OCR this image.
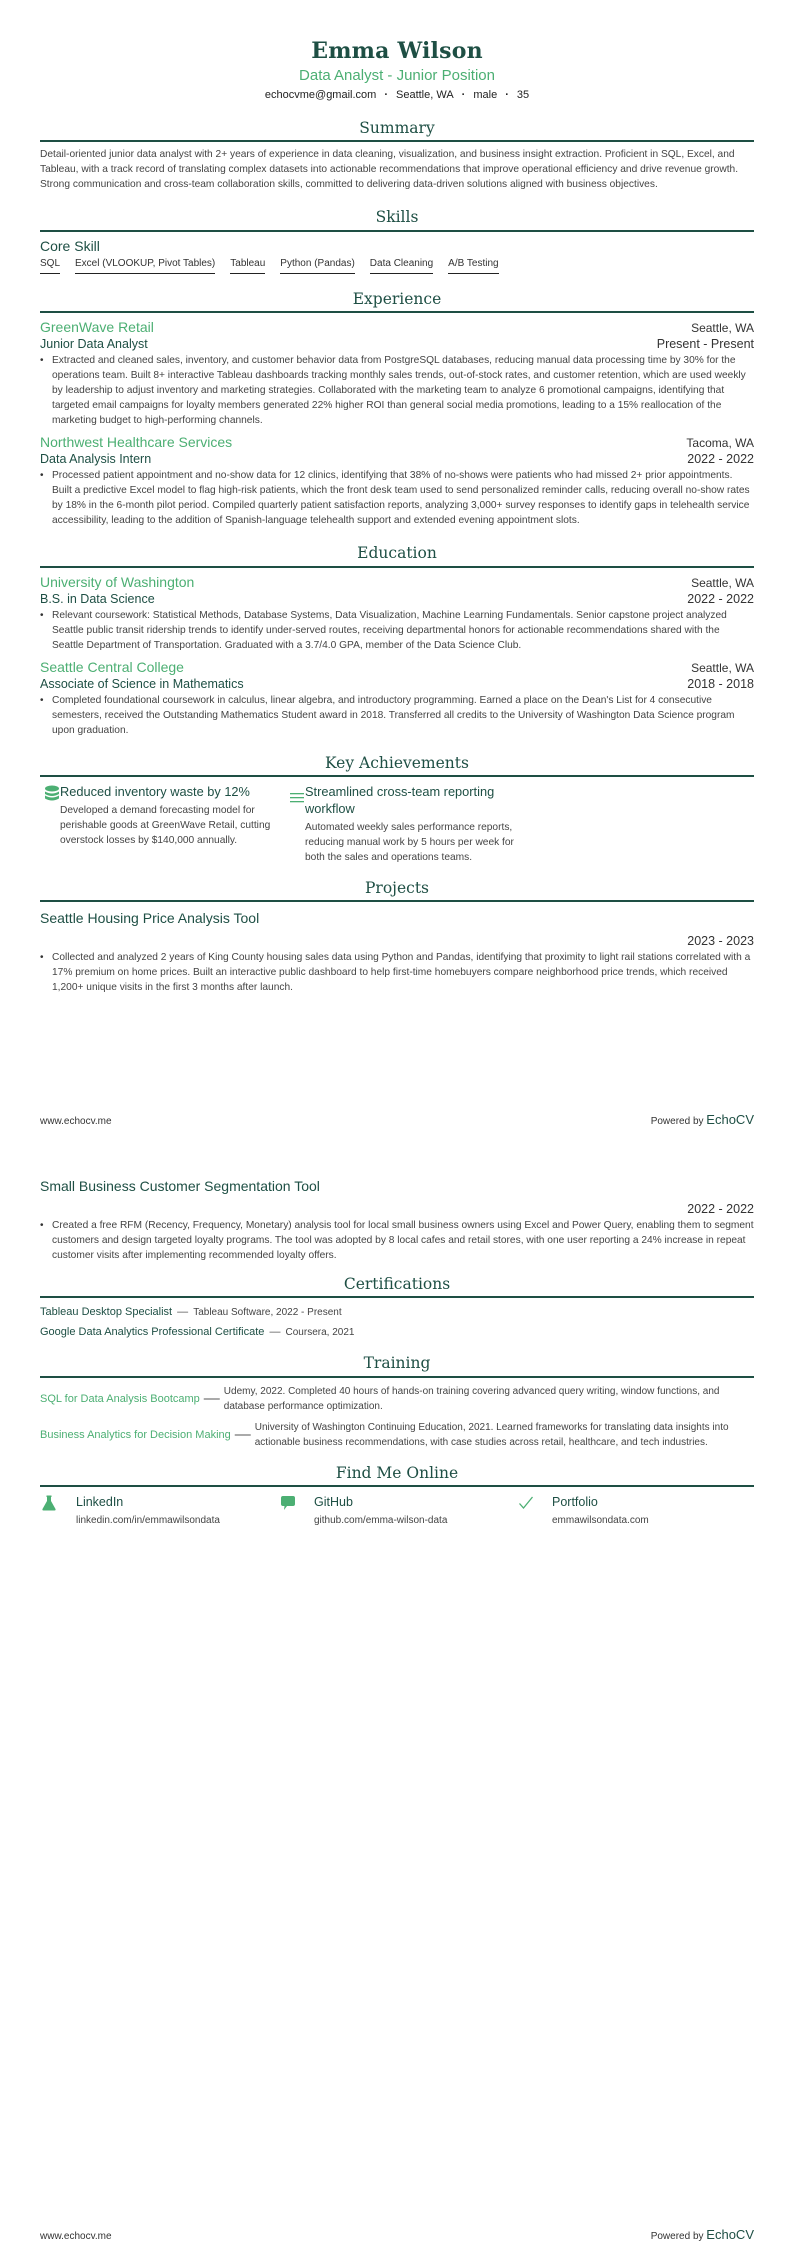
Emma Wilson
Data Analyst - Junior Position
echocvme@gmail.com · Seattle, WA · male · 35
Summary

Detail-oriented junior data analyst with 2+ years of experience in data cleaning, visualization, and business insight extraction. Proficient in SQL, Excel, and Tableau, with a track record of translating complex datasets into actionable recommendations that improve operational efficiency and drive revenue growth. Strong communication and cross-team collaboration skills, committed to delivering data-driven solutions aligned with business objectives.

Skills
Core Skill
SQL Excel (VLOOKUP, Pivot Tables) Tableau Python (Pandas) Data Cleaning A/B Testing
Experience
GreenWave Retail	Seattle, WA
Junior Data Analyst	Present - Present

• Extracted and cleaned sales, inventory, and customer behavior data from PostgreSQL databases, reducing manual data processing time by 30% for the operations team. Built 8+ interactive Tableau dashboards tracking monthly sales trends, out-of-stock rates, and customer retention, which are used weekly by leadership to adjust inventory and marketing strategies. Collaborated with the marketing team to analyze 6 promotional campaigns, identifying that targeted email campaigns for loyalty members generated 22% higher ROI than general social media promotions, leading to a 15% reallocation of the marketing budget to high-performing channels.

Northwest Healthcare Services	Tacoma, WA
Data Analysis Intern	2022 - 2022

• Processed patient appointment and no-show data for 12 clinics, identifying that 38% of no-shows were patients who had missed 2+ prior appointments. Built a predictive Excel model to flag high-risk patients, which the front desk team used to send personalized reminder calls, reducing overall no-show rates by 18% in the 6-month pilot period. Compiled quarterly patient satisfaction reports, analyzing 3,000+ survey responses to identify gaps in telehealth service accessibility, leading to the addition of Spanish-language telehealth support and extended evening appointment slots.

Education
University of Washington	Seattle, WA
B.S. in Data Science	2022 - 2022

• Relevant coursework: Statistical Methods, Database Systems, Data Visualization, Machine Learning Fundamentals. Senior capstone project analyzed Seattle public transit ridership trends to identify under-served routes, receiving departmental honors for actionable recommendations shared with the Seattle Department of Transportation. Graduated with a 3.7/4.0 GPA, member of the Data Science Club.

Seattle Central College	Seattle, WA
Associate of Science in Mathematics	2018 - 2018

• Completed foundational coursework in calculus, linear algebra, and introductory programming. Earned a place on the Dean's List for 4 consecutive semesters, received the Outstanding Mathematics Student award in 2018. Transferred all credits to the University of Washington Data Science program upon graduation.

Key Achievements
Reduced inventory waste by 12%
Developed a demand forecasting model for perishable goods at GreenWave Retail, cutting overstock losses by $140,000 annually.
Streamlined cross-team reporting workflow
Automated weekly sales performance reports, reducing manual work by 5 hours per week for both the sales and operations teams.
Projects
Seattle Housing Price Analysis Tool
2023 - 2023

• Collected and analyzed 2 years of King County housing sales data using Python and Pandas, identifying that proximity to light rail stations correlated with a 17% premium on home prices. Built an interactive public dashboard to help first-time homebuyers compare neighborhood price trends, which received 1,200+ unique visits in the first 3 months after launch.

www.echocv.me	Powered by EchoCV
Small Business Customer Segmentation Tool
2022 - 2022

• Created a free RFM (Recency, Frequency, Monetary) analysis tool for local small business owners using Excel and Power Query, enabling them to segment customers and design targeted loyalty programs. The tool was adopted by 8 local cafes and retail stores, with one user reporting a 24% increase in repeat customer visits after implementing recommended loyalty offers.

Certifications
Tableau Desktop Specialist — Tableau Software, 2022 - Present
Google Data Analytics Professional Certificate — Coursera, 2021
Training
SQL for Data Analysis Bootcamp — Udemy, 2022. Completed 40 hours of hands-on training covering advanced query writing, window functions, and database performance optimization.
Business Analytics for Decision Making — University of Washington Continuing Education, 2021. Learned frameworks for translating data insights into actionable business recommendations, with case studies across retail, healthcare, and tech industries.
Find Me Online
LinkedIn
linkedin.com/in/emmawilsondata
GitHub
github.com/emma-wilson-data
Portfolio
emmawilsondata.com
www.echocv.me	Powered by EchoCV
